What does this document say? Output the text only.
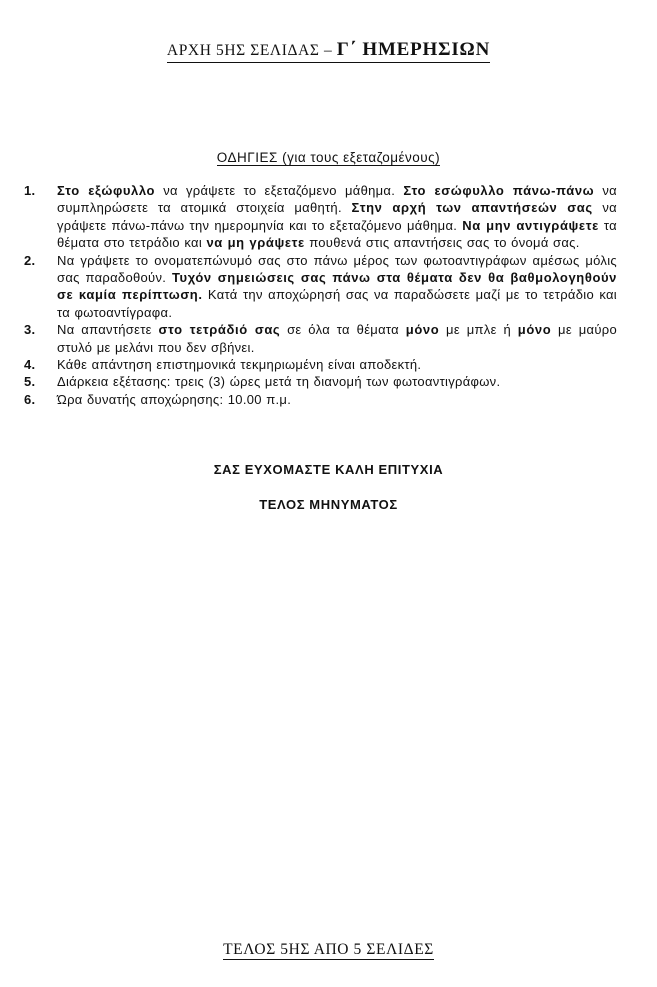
ΑΡΧΗ 5ΗΣ ΣΕΛΙΔΑΣ – Γ΄ ΗΜΕΡΗΣΙΩΝ
ΟΔΗΓΙΕΣ (για τους εξεταζομένους)
1.	Στο εξώφυλλο να γράψετε το εξεταζόμενο μάθημα. Στο εσώφυλλο πάνω-πάνω να συμπληρώσετε τα ατομικά στοιχεία μαθητή. Στην αρχή των απαντήσεών σας να γράψετε πάνω-πάνω την ημερομηνία και το εξεταζόμενο μάθημα. Να μην αντιγράψετε τα θέματα στο τετράδιο και να μη γράψετε πουθενά στις απαντήσεις σας το όνομά σας.
2.	Να γράψετε το ονοματεπώνυμό σας στο πάνω μέρος των φωτοαντιγράφων αμέσως μόλις σας παραδοθούν. Τυχόν σημειώσεις σας πάνω στα θέματα δεν θα βαθμολογηθούν σε καμία περίπτωση. Κατά την αποχώρησή σας να παραδώσετε μαζί με το τετράδιο και τα φωτοαντίγραφα.
3.	Να απαντήσετε στο τετράδιό σας σε όλα τα θέματα μόνο με μπλε ή μόνο με μαύρο στυλό με μελάνι που δεν σβήνει.
4.	Κάθε απάντηση επιστημονικά τεκμηριωμένη είναι αποδεκτή.
5.	Διάρκεια εξέτασης: τρεις (3) ώρες μετά τη διανομή των φωτοαντιγράφων.
6.	Ώρα δυνατής αποχώρησης: 10.00 π.μ.
ΣΑΣ ΕΥΧΟΜΑΣΤΕ ΚΑΛΗ ΕΠΙΤΥΧΙΑ
ΤΕΛΟΣ ΜΗΝΥΜΑΤΟΣ
ΤΕΛΟΣ 5ΗΣ ΑΠΟ 5 ΣΕΛΙΔΕΣ
